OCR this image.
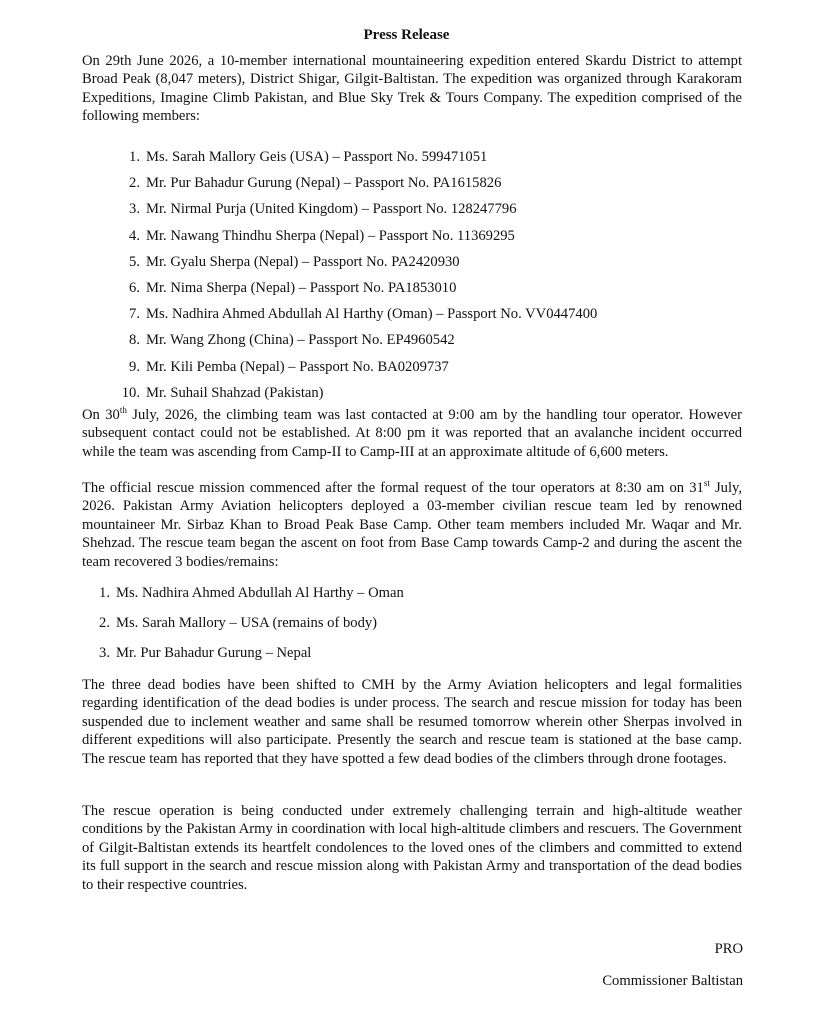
Press Release

On 29th June 2026, a 10-member international mountaineering expedition entered Skardu District to attempt Broad Peak (8,047 meters), District Shigar, Gilgit-Baltistan. The expedition was organized through Karakoram Expeditions, Imagine Climb Pakistan, and Blue Sky Trek & Tours Company. The expedition comprised of the following members:

1. Ms. Sarah Mallory Geis (USA) – Passport No. 599471051
2. Mr. Pur Bahadur Gurung (Nepal) – Passport No. PA1615826
3. Mr. Nirmal Purja (United Kingdom) – Passport No. 128247796
4. Mr. Nawang Thindhu Sherpa (Nepal) – Passport No. 11369295
5. Mr. Gyalu Sherpa (Nepal) – Passport No. PA2420930
6. Mr. Nima Sherpa (Nepal) – Passport No. PA1853010
7. Ms. Nadhira Ahmed Abdullah Al Harthy (Oman) – Passport No. VV0447400
8. Mr. Wang Zhong (China) – Passport No. EP4960542
9. Mr. Kili Pemba (Nepal) – Passport No. BA0209737
10. Mr. Suhail Shahzad (Pakistan)

On 30th July, 2026, the climbing team was last contacted at 9:00 am by the handling tour operator. However subsequent contact could not be established. At 8:00 pm it was reported that an avalanche incident occurred while the team was ascending from Camp-II to Camp-III at an approximate altitude of 6,600 meters.

The official rescue mission commenced after the formal request of the tour operators at 8:30 am on 31st July, 2026. Pakistan Army Aviation helicopters deployed a 03-member civilian rescue team led by renowned mountaineer Mr. Sirbaz Khan to Broad Peak Base Camp. Other team members included Mr. Waqar and Mr. Shehzad. The rescue team began the ascent on foot from Base Camp towards Camp-2 and during the ascent the team recovered 3 bodies/remains:

1. Ms. Nadhira Ahmed Abdullah Al Harthy – Oman
2. Ms. Sarah Mallory – USA (remains of body)
3. Mr. Pur Bahadur Gurung – Nepal

The three dead bodies have been shifted to CMH by the Army Aviation helicopters and legal formalities regarding identification of the dead bodies is under process. The search and rescue mission for today has been suspended due to inclement weather and same shall be resumed tomorrow wherein other Sherpas involved in different expeditions will also participate. Presently the search and rescue team is stationed at the base camp. The rescue team has reported that they have spotted a few dead bodies of the climbers through drone footages.

The rescue operation is being conducted under extremely challenging terrain and high-altitude weather conditions by the Pakistan Army in coordination with local high-altitude climbers and rescuers. The Government of Gilgit-Baltistan extends its heartfelt condolences to the loved ones of the climbers and committed to extend its full support in the search and rescue mission along with Pakistan Army and transportation of the dead bodies to their respective countries.

PRO

Commissioner Baltistan
